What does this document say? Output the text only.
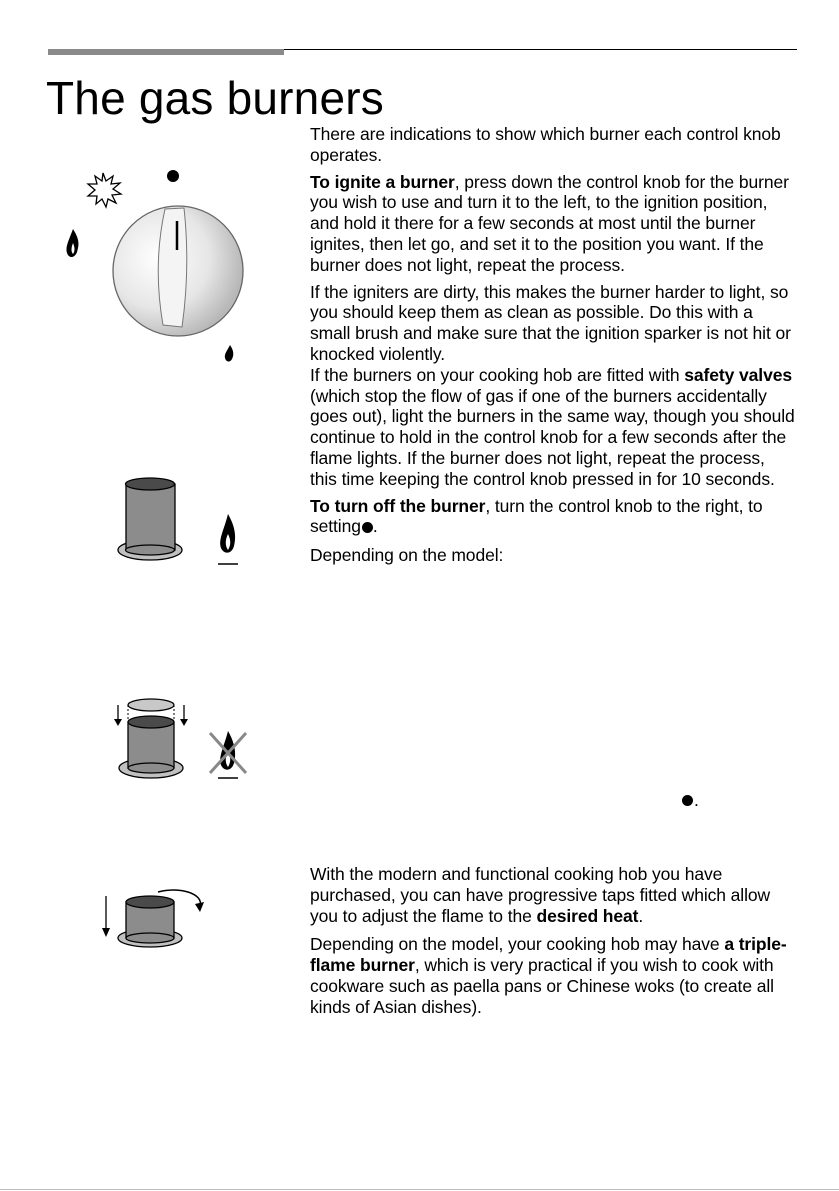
The gas burners

There are indications to show which burner each control knob operates.

To ignite a burner, press down the control knob for the burner you wish to use and turn it to the left, to the ignition position, and hold it there for a few seconds at most until the burner ignites, then let go, and set it to the position you want. If the burner does not light, repeat the process.

If the igniters are dirty, this makes the burner harder to light, so you should keep them as clean as possible. Do this with a small brush and make sure that the ignition sparker is not hit or knocked violently.

If the burners on your cooking hob are fitted with safety valves (which stop the flow of gas if one of the burners accidentally goes out), light the burners in the same way, though you should continue to hold in the control knob for a few seconds after the flame lights. If the burner does not light, repeat the process, this time keeping the control knob pressed in for 10 seconds.

To turn off the burner, turn the control knob to the right, to setting .

Depending on the model:

.

With the modern and functional cooking hob you have purchased, you can have progressive taps fitted which allow you to adjust the flame to the desired heat.

Depending on the model, your cooking hob may have a triple-flame burner, which is very practical if you wish to cook with cookware such as paella pans or Chinese woks (to create all kinds of Asian dishes).
